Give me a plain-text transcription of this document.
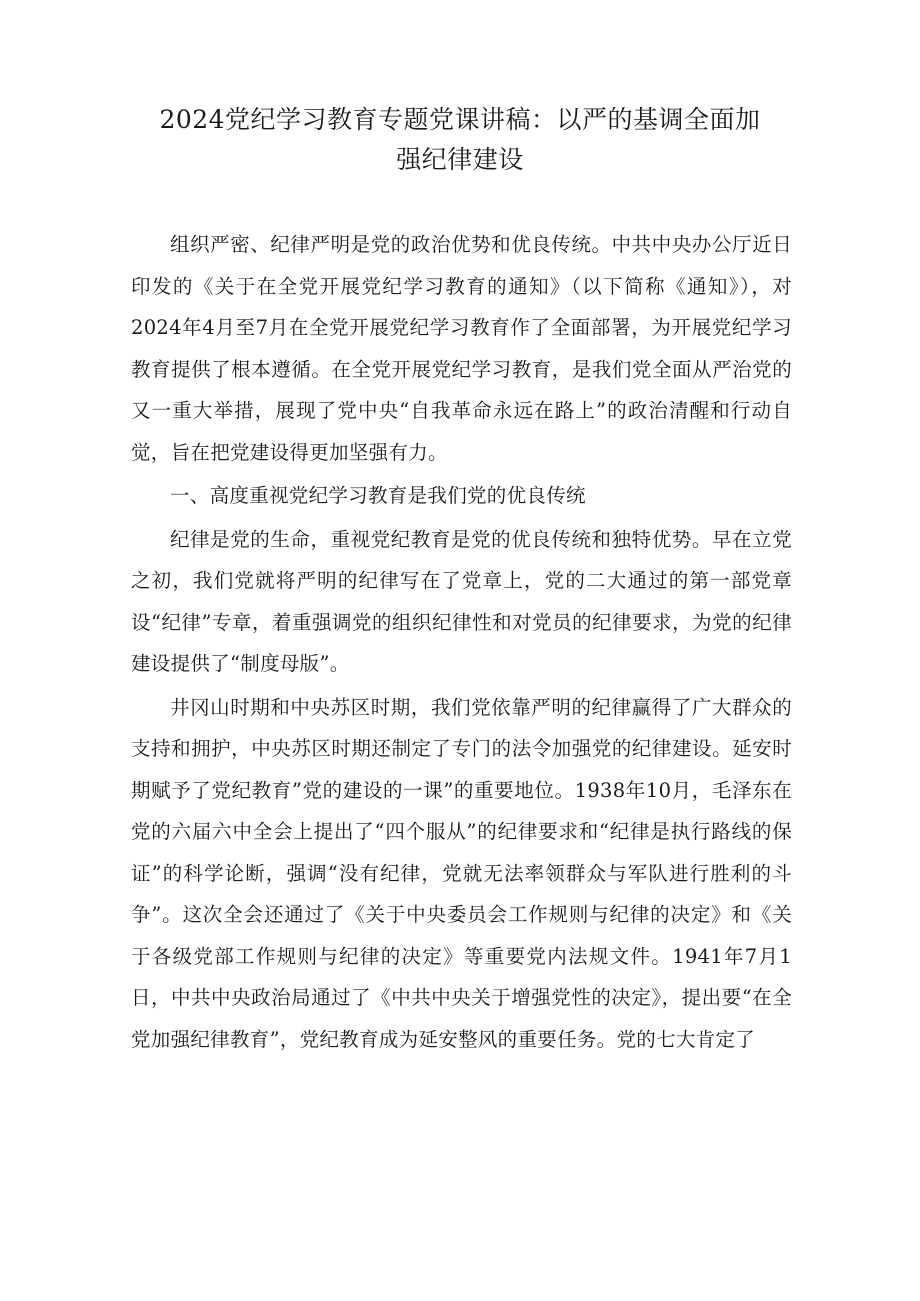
2024党纪学习教育专题党课讲稿：以严的基调全面加
强纪律建设

组织严密、纪律严明是党的政治优势和优良传统。中共中央办公厅近日印发的《关于在全党开展党纪学习教育的通知》（以下简称《通知》），对2024年4月至7月在全党开展党纪学习教育作了全面部署，为开展党纪学习教育提供了根本遵循。在全党开展党纪学习教育，是我们党全面从严治党的又一重大举措，展现了党中央“自我革命永远在路上”的政治清醒和行动自觉，旨在把党建设得更加坚强有力。

一、高度重视党纪学习教育是我们党的优良传统

纪律是党的生命，重视党纪教育是党的优良传统和独特优势。早在立党之初，我们党就将严明的纪律写在了党章上，党的二大通过的第一部党章设“纪律”专章，着重强调党的组织纪律性和对党员的纪律要求，为党的纪律建设提供了“制度母版”。

井冈山时期和中央苏区时期，我们党依靠严明的纪律赢得了广大群众的支持和拥护，中央苏区时期还制定了专门的法令加强党的纪律建设。延安时期赋予了党纪教育”党的建设的一课”的重要地位。1938年10月，毛泽东在党的六届六中全会上提出了“四个服从”的纪律要求和“纪律是执行路线的保证”的科学论断，强调“没有纪律，党就无法率领群众与军队进行胜利的斗争”。这次全会还通过了《关于中央委员会工作规则与纪律的决定》和《关于各级党部工作规则与纪律的决定》等重要党内法规文件。1941年7月1日，中共中央政治局通过了《中共中央关于增强党性的决定》，提出要“在全党加强纪律教育”，党纪教育成为延安整风的重要任务。党的七大肯定了
